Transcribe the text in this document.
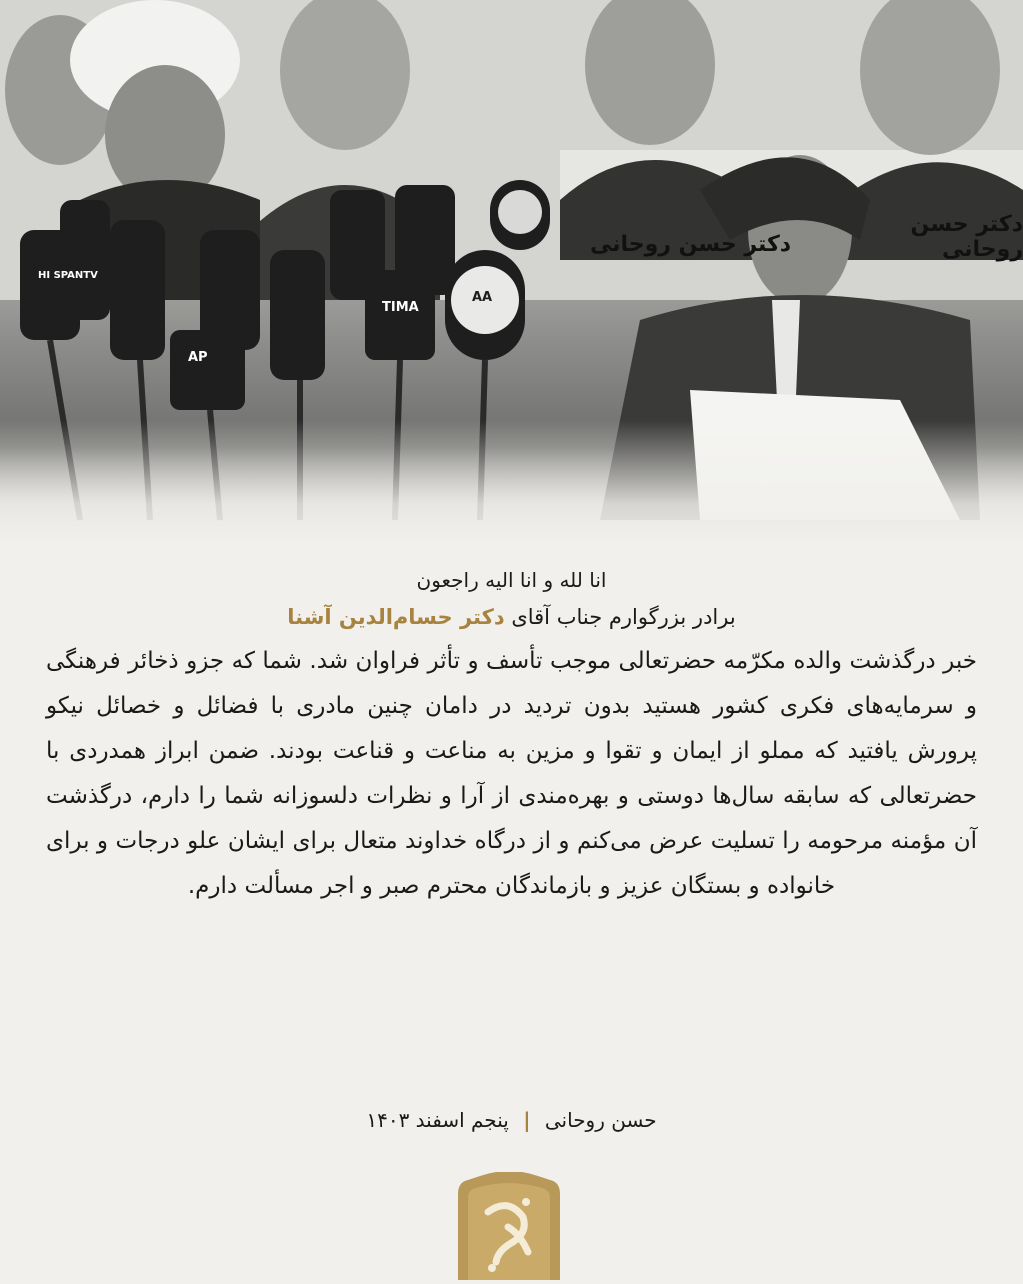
AP
AA
HI SPANTV
TIMA
دکتر حسن روحانی
دکتر حسن روحانی
انا لله و انا الیه راجعون
برادر بزرگوارم جناب آقای دکتر حسام‌الدین آشنا
خبر درگذشت والده مکرّمه حضرتعالی موجب تأسف و تأثر فراوان شد. شما که جزو ذخائر فرهنگی و سرمایه‌های فکری کشور هستید بدون تردید در دامان چنین مادری با فضائل و خصائل نیکو پرورش یافتید که مملو از ایمان و تقوا و مزین به مناعت و قناعت بودند. ضمن ابراز همدردی با حضرتعالی که سابقه سال‌ها دوستی و بهره‌مندی از آرا و نظرات دلسوزانه شما را دارم، درگذشت آن مؤمنه مرحومه را تسلیت عرض می‌کنم و از درگاه خداوند متعال برای ایشان علو درجات و برای خانواده و بستگان عزیز و بازماندگان محترم صبر و اجر مسألت دارم.
حسن روحانی | پنجم اسفند ۱۴۰۳
